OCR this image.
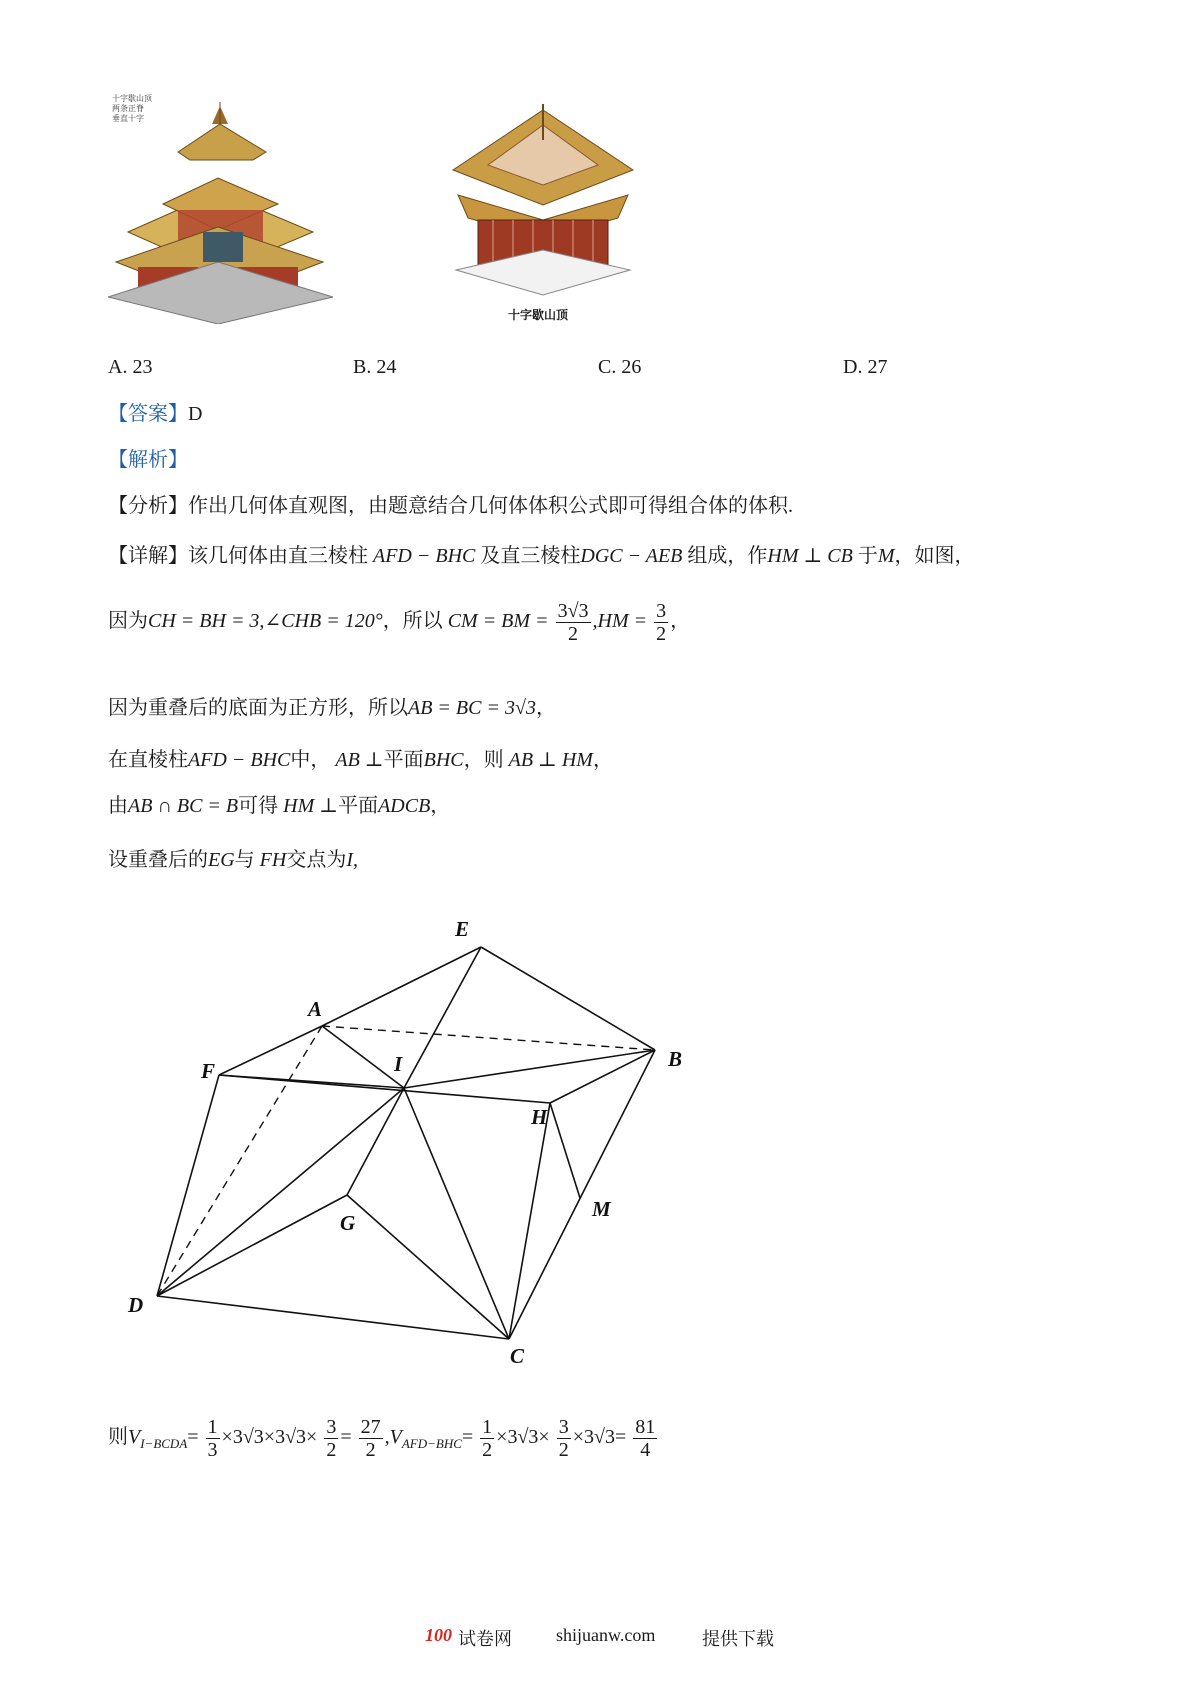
十字歇山顶
两条正脊
垂直十字
十字歇山顶
A. 23	B. 24	C. 26	D. 27
【答案】D
【解析】
【分析】作出几何体直观图，由题意结合几何体体积公式即可得组合体的体积.
【详解】该几何体由直三棱柱 AFD − BHC 及直三棱柱DGC − AEB 组成，作HM ⊥ CB 于M，如图，
因为CH = BH = 3,∠CHB = 120°，所以 CM = BM = $\frac{3√3}{2} ,HM = \frac{3}{2}$ ，
因为重叠后的底面为正方形，所以AB = BC = 3√3，
在直棱柱AFD − BHC中， AB ⊥平面BHC，则 AB ⊥ HM，
由AB ∩ BC = B可得 HM ⊥平面ADCB，
设重叠后的EG与 FH交点为I,
E
A
B
F	I
H
M
G
D
C
则$V_{I-BCDA}= \frac{1}{3} \times 3√3\times 3√3\times \frac{3}{2} = \frac{27}{2} ,V_{AFD-BHC}= \frac{1}{2} \times 3√3\times \frac{3}{2} \times 3√3= \frac{81}{4}$
100 试卷网 shijuanw.com	提供下载
